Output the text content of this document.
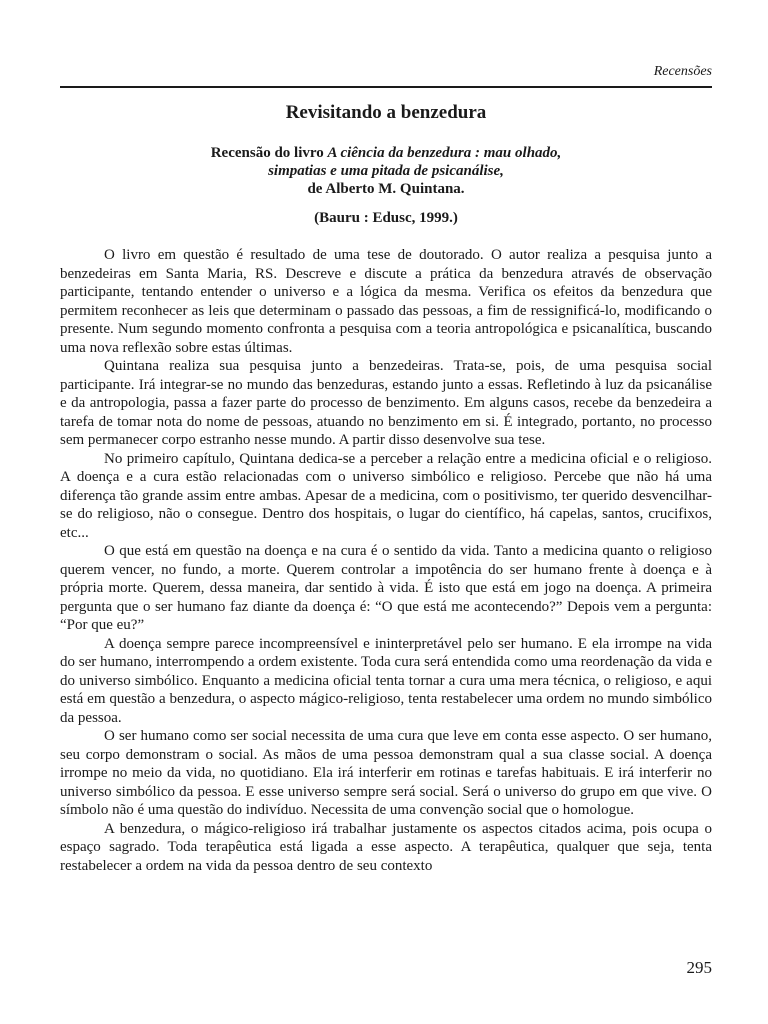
Recensões
Revisitando a benzedura
Recensão do livro A ciência da benzedura : mau olhado,
simpatias e uma pitada de psicanálise,
de Alberto M. Quintana.
(Bauru : Edusc, 1999.)

O livro em questão é resultado de uma tese de doutorado. O autor realiza a pesquisa junto a benzedeiras em Santa Maria, RS. Descreve e discute a prática da benzedura através de observação participante, tentando entender o universo e a lógica da mesma. Verifica os efeitos da benzedura que permitem reconhecer as leis que determinam o passado das pessoas, a fim de ressignificá-lo, modificando o presente. Num segundo momento confronta a pesquisa com a teoria antropológica e psicanalítica, buscando uma nova reflexão sobre estas últimas.

Quintana realiza sua pesquisa junto a benzedeiras. Trata-se, pois, de uma pesquisa social participante. Irá integrar-se no mundo das benzeduras, estando junto a essas. Refletindo à luz da psicanálise e da antropologia, passa a fazer parte do processo de benzimento. Em alguns casos, recebe da benzedeira a tarefa de tomar nota do nome de pessoas, atuando no benzimento em si. É integrado, portanto, no processo sem permanecer corpo estranho nesse mundo. A partir disso desenvolve sua tese.

No primeiro capítulo, Quintana dedica-se a perceber a relação entre a medicina oficial e o religioso. A doença e a cura estão relacionadas com o universo simbólico e religioso. Percebe que não há uma diferença tão grande assim entre ambas. Apesar de a medicina, com o positivismo, ter querido desvencilhar-se do religioso, não o consegue. Dentro dos hospitais, o lugar do científico, há capelas, santos, crucifixos, etc...

O que está em questão na doença e na cura é o sentido da vida. Tanto a medicina quanto o religioso querem vencer, no fundo, a morte. Querem controlar a impotência do ser humano frente à doença e à própria morte. Querem, dessa maneira, dar sentido à vida. É isto que está em jogo na doença. A primeira pergunta que o ser humano faz diante da doença é: “O que está me acontecendo?” Depois vem a pergunta: “Por que eu?”

A doença sempre parece incompreensível e ininterpretável pelo ser humano. E ela irrompe na vida do ser humano, interrompendo a ordem existente. Toda cura será entendida como uma reordenação da vida e do universo simbólico. Enquanto a medicina oficial tenta tornar a cura uma mera técnica, o religioso, e aqui está em questão a benzedura, o aspecto mágico-religioso, tenta restabelecer uma ordem no mundo simbólico da pessoa.

O ser humano como ser social necessita de uma cura que leve em conta esse aspecto. O ser humano, seu corpo demonstram o social. As mãos de uma pessoa demonstram qual a sua classe social. A doença irrompe no meio da vida, no quotidiano. Ela irá interferir em rotinas e tarefas habituais. E irá interferir no universo simbólico da pessoa. E esse universo sempre será social. Será o universo do grupo em que vive. O símbolo não é uma questão do indivíduo. Necessita de uma convenção social que o homologue.

A benzedura, o mágico-religioso irá trabalhar justamente os aspectos citados acima, pois ocupa o espaço sagrado. Toda terapêutica está ligada a esse aspecto. A terapêutica, qualquer que seja, tenta restabelecer a ordem na vida da pessoa dentro de seu contexto

295
